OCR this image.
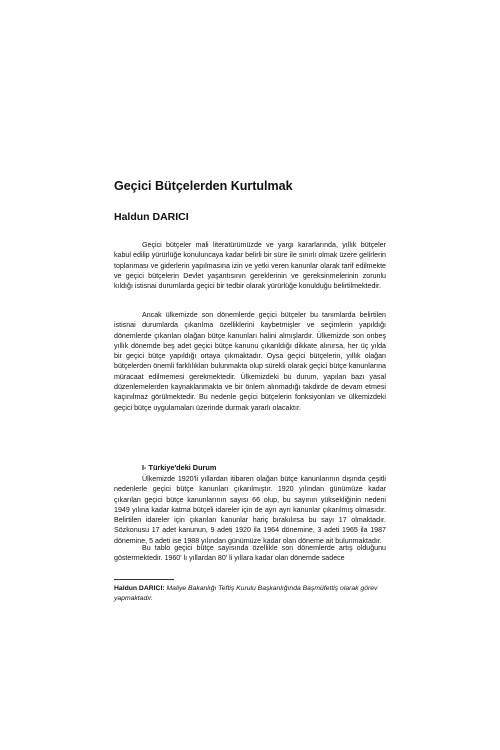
Geçici Bütçelerden Kurtulmak
Haldun DARICI

Geçici bütçeler mali literatürümüzde ve yargı kararlarında, yıllık bütçeler kabul edilip yürürlüğe konuluncaya kadar belirli bir süre ile sınırlı olmak üzere gelirlerin toplanması ve giderlerin yapılmasına izin ve yetki veren kanunlar olarak tarif edilmekte ve geçici bütçelerin Devlet yaşantısının gereklerinin ve gereksinmelerinin zorunlu kıldığı istisnai durumlarda geçici bir tedbir olarak yürürlüğe konulduğu belirtilmektedir.

Ancak ülkemizde son dönemlerde geçici bütçeler bu tanımlarda belirtilen istisnai durumlarda çıkarılma özelliklerini kaybetmişler ve seçimlerin yapıldığı dönemlerde çıkarılan olağan bütçe kanunları halini almışlardır. Ülkemizde son onbeş yıllık dönemde beş adet geçici bütçe kanunu çıkarıldığı dikkate alınırsa, her üç yılda bir geçici bütçe yapıldığı ortaya çıkmaktadır. Oysa geçici bütçelerin, yıllık olağan bütçelerden önemli farklılıkları bulunmakta olup sürekli olarak geçici bütçe kanunlarına müracaat edilmemesi gerekmektedir. Ülkemizdeki bu durum, yapılan bazı yasal düzenlemelerden kaynaklanmakta ve bir önlem alınmadığı takdirde de devam etmesi kaçınılmaz görülmektedir. Bu nedenle geçici bütçelerin fonksiyonları ve ülkemizdeki geçici bütçe uygulamaları üzerinde durmak yararlı olacaktır.

I- Türkiye'deki Durum

Ülkemizde 1920'li yıllardan itibaren olağan bütçe kanunlarının dışında çeşitli nedenlerle geçici bütçe kanunları çıkarılmıştır. 1920 yılından günümüze kadar çıkarılan geçici bütçe kanunlarının sayısı 66 olup, bu sayının yüksekliğinin nedeni 1949 yılına kadar katma bütçeli idareler için de ayrı ayrı kanunlar çıkarılmış olmasıdır. Belirtilen idareler için çıkarılan kanunlar hariç bırakılırsa bu sayı 17 olmaktadır. Sözkonusu 17 adet kanunun, 9 adeti 1920 ila 1964 dönemine, 3 adeti 1965 ila 1987 dönemine, 5 adeti ise 1988 yılından günümüze kadar olan döneme ait bulunmaktadır.

Bu tablo geçici bütçe sayısında özellikle son dönemlerde artış olduğunu göstermektedir. 1960' lı yıllardan 80' li yıllara kadar olan dönemde sadece

Haldun DARICI: Maliye Bakanlığı Teftiş Kurulu Başkanlığında Başmüfettiş olarak görev yapmaktadır.
